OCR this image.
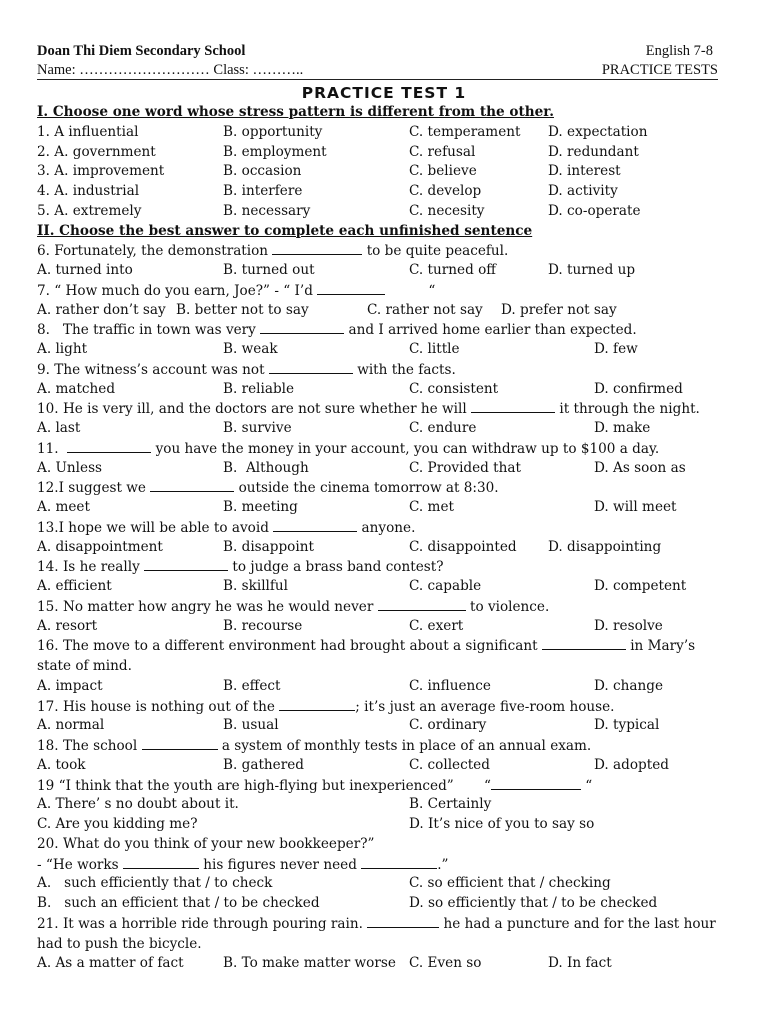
Doan Thi Diem Secondary School	English 7-8
Name: ……………………… Class: ………..	PRACTICE TESTS
PRACTICE TEST 1
I. Choose one word whose stress pattern is different from the other.
1. A influential	B. opportunity	C. temperament D. expectation
2. A. government	B. employment	C. refusal	D. redundant
3. A. improvement	B. occasion	C. believe	D. interest
4. A. industrial	B. interfere	C. develop	D. activity
5. A. extremely	B. necessary	C. necesity	D. co-operate
II. Choose the best answer to complete each unfinished sentence
6. Fortunately, the demonstration	to be quite peaceful.
A. turned into	B. turned out	C. turned off	D. turned up
7. “ How much do you earn, Joe?” - “ I’d	“
A. rather don’t say B. better not to say	C. rather not say D. prefer not say
8.   The traffic in town was very	and I arrived home earlier than expected.
A. light	B. weak	C. little	D. few
9. The witness’s account was not	with the facts.
A. matched	B. reliable	C. consistent	D. confirmed
10. He is very ill, and the doctors are not sure whether he will	it through the night.
A. last	B. survive	C. endure	D. make
11.	you have the money in your account, you can withdraw up to $100 a day.
A. Unless	B.  Although	C. Provided that	D. As soon as
12.I suggest we	outside the cinema tomorrow at 8:30.
A. meet	B. meeting	C. met	D. will meet
13.I hope we will be able to avoid	anyone.
A. disappointment	B. disappoint	C. disappointed D. disappointing
14. Is he really	to judge a brass band contest?
A. efficient	B. skillful	C. capable	D. competent
15. No matter how angry he was he would never	to violence.
A. resort	B. recourse	C. exert	D. resolve
16. The move to a different environment had brought about a significant	in Mary’s state of mind.
A. impact	B. effect	C. influence	D. change
17. His house is nothing out of the	; it’s just an average five-room house.
A. normal	B. usual	C. ordinary	D. typical
18. The school	a system of monthly tests in place of an annual exam.
A. took	B. gathered	C. collected	D. adopted
19 “I think that the youth are high-flying but inexperienced”       “	“
A. There’ s no doubt about it.	B. Certainly
C. Are you kidding me?	D. It’s nice of you to say so
20. What do you think of your new bookkeeper?”
- “He works	his figures never need	.”
A.   such efficiently that / to check	C. so efficient that / checking
B.   such an efficient that / to be checked	D. so efficiently that / to be checked
21. It was a horrible ride through pouring rain.	he had a puncture and for the last hour had to push the bicycle.
A. As a matter of fact	B. To make matter worse C. Even so	D. In fact
